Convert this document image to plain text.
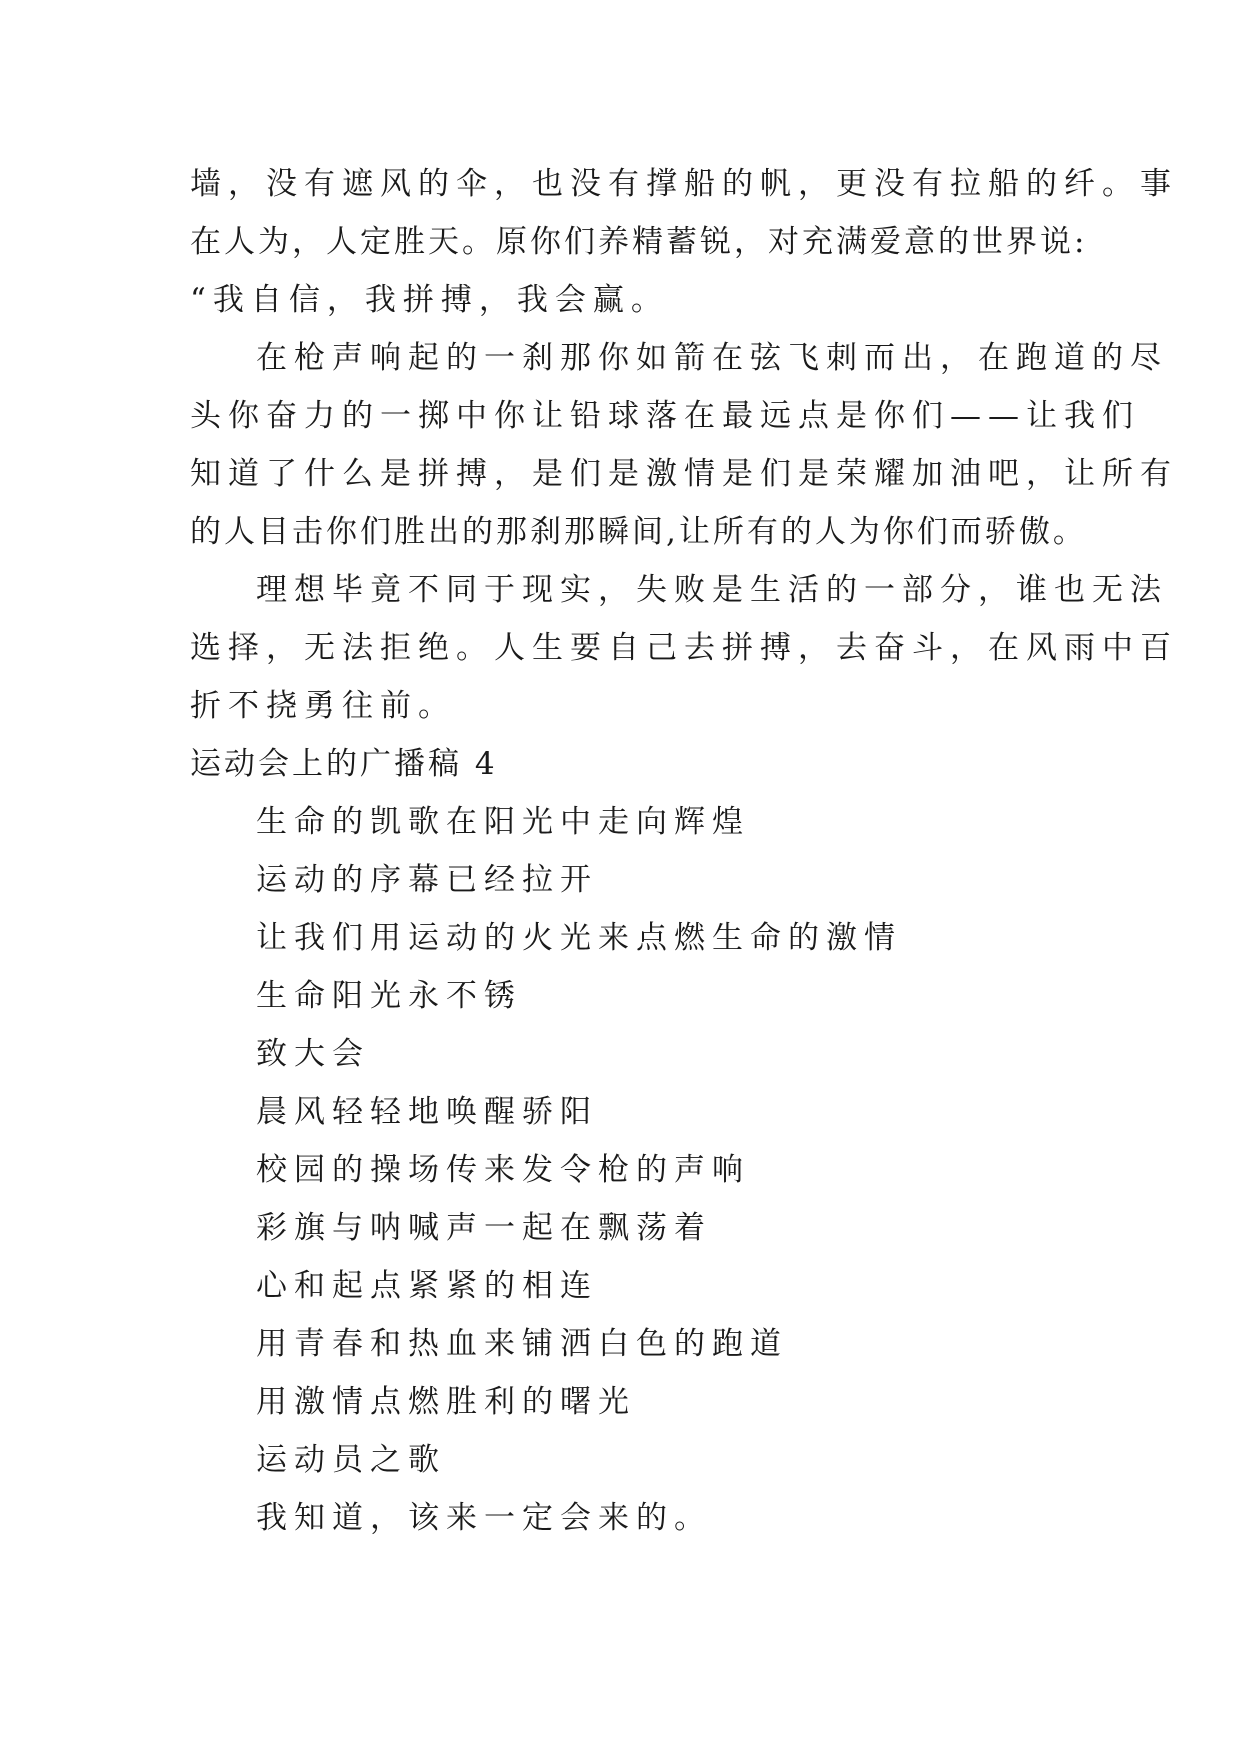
墙，没有遮风的伞，也没有撑船的帆，更没有拉船的纤。事
在人为，人定胜天。原你们养精蓄锐，对充满爱意的世界说:
“我自信，我拼搏，我会赢。
在枪声响起的一刹那你如箭在弦飞刺而出，在跑道的尽
头你奋力的一掷中你让铅球落在最远点是你们——让我们
知道了什么是拼搏，是们是激情是们是荣耀加油吧，让所有
的人目击你们胜出的那刹那瞬间,让所有的人为你们而骄傲。
理想毕竟不同于现实，失败是生活的一部分，谁也无法
选择，无法拒绝。人生要自己去拼搏，去奋斗，在风雨中百
折不挠勇往前。
运动会上的广播稿 4
生命的凯歌在阳光中走向辉煌
运动的序幕已经拉开
让我们用运动的火光来点燃生命的激情
生命阳光永不锈
致大会
晨风轻轻地唤醒骄阳
校园的操场传来发令枪的声响
彩旗与呐喊声一起在飘荡着
心和起点紧紧的相连
用青春和热血来铺洒白色的跑道
用激情点燃胜利的曙光
运动员之歌
我知道，该来一定会来的。
